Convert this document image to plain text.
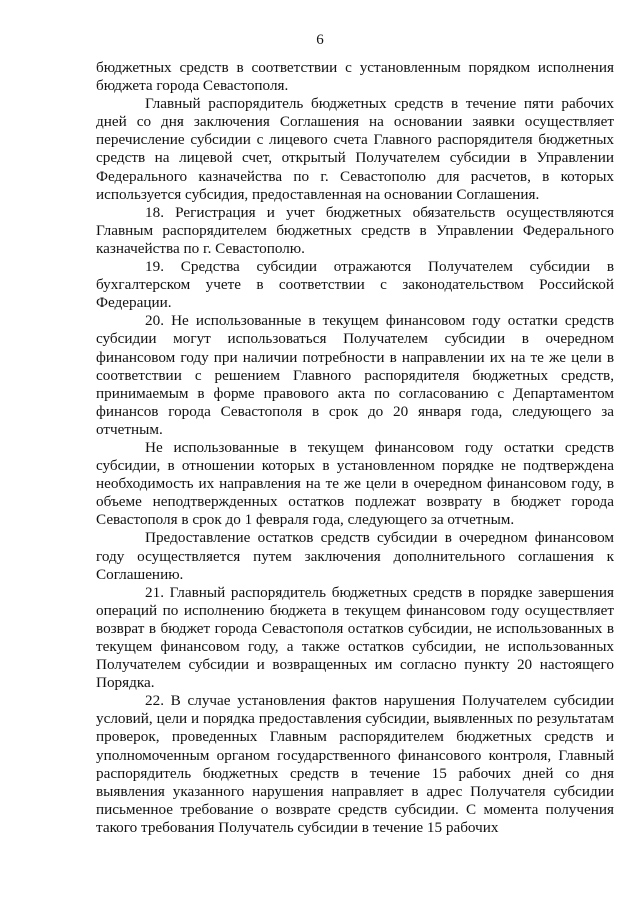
6

бюджетных средств в соответствии с установленным порядком исполнения бюджета города Севастополя.

Главный распорядитель бюджетных средств в течение пяти рабочих дней со дня заключения Соглашения на основании заявки осуществляет перечисление субсидии с лицевого счета Главного распорядителя бюджетных средств на лицевой счет, открытый Получателем субсидии в Управлении Федерального казначейства по г. Севастополю для расчетов, в которых используется субсидия, предоставленная на основании Соглашения.

18. Регистрация и учет бюджетных обязательств осуществляются Главным распорядителем бюджетных средств в Управлении Федерального казначейства по г. Севастополю.

19. Средства субсидии отражаются Получателем субсидии в бухгалтерском учете в соответствии с законодательством Российской Федерации.

20. Не использованные в текущем финансовом году остатки средств субсидии могут использоваться Получателем субсидии в очередном финансовом году при наличии потребности в направлении их на те же цели в соответствии с решением Главного распорядителя бюджетных средств, принимаемым в форме правового акта по согласованию с Департаментом финансов города Севастополя в срок до 20 января года, следующего за отчетным.

Не использованные в текущем финансовом году остатки средств субсидии, в отношении которых в установленном порядке не подтверждена необходимость их направления на те же цели в очередном финансовом году, в объеме неподтвержденных остатков подлежат возврату в бюджет города Севастополя в срок до 1 февраля года, следующего за отчетным.

Предоставление остатков средств субсидии в очередном финансовом году осуществляется путем заключения дополнительного соглашения к Соглашению.

21. Главный распорядитель бюджетных средств в порядке завершения операций по исполнению бюджета в текущем финансовом году осуществляет возврат в бюджет города Севастополя остатков субсидии, не использованных в текущем финансовом году, а также остатков субсидии, не использованных Получателем субсидии и возвращенных им согласно пункту 20 настоящего Порядка.

22. В случае установления фактов нарушения Получателем субсидии условий, цели и порядка предоставления субсидии, выявленных по результатам проверок, проведенных Главным распорядителем бюджетных средств и уполномоченным органом государственного финансового контроля, Главный распорядитель бюджетных средств в течение 15 рабочих дней со дня выявления указанного нарушения направляет в адрес Получателя субсидии письменное требование о возврате средств субсидии. С момента получения такого требования Получатель субсидии в течение 15 рабочих
